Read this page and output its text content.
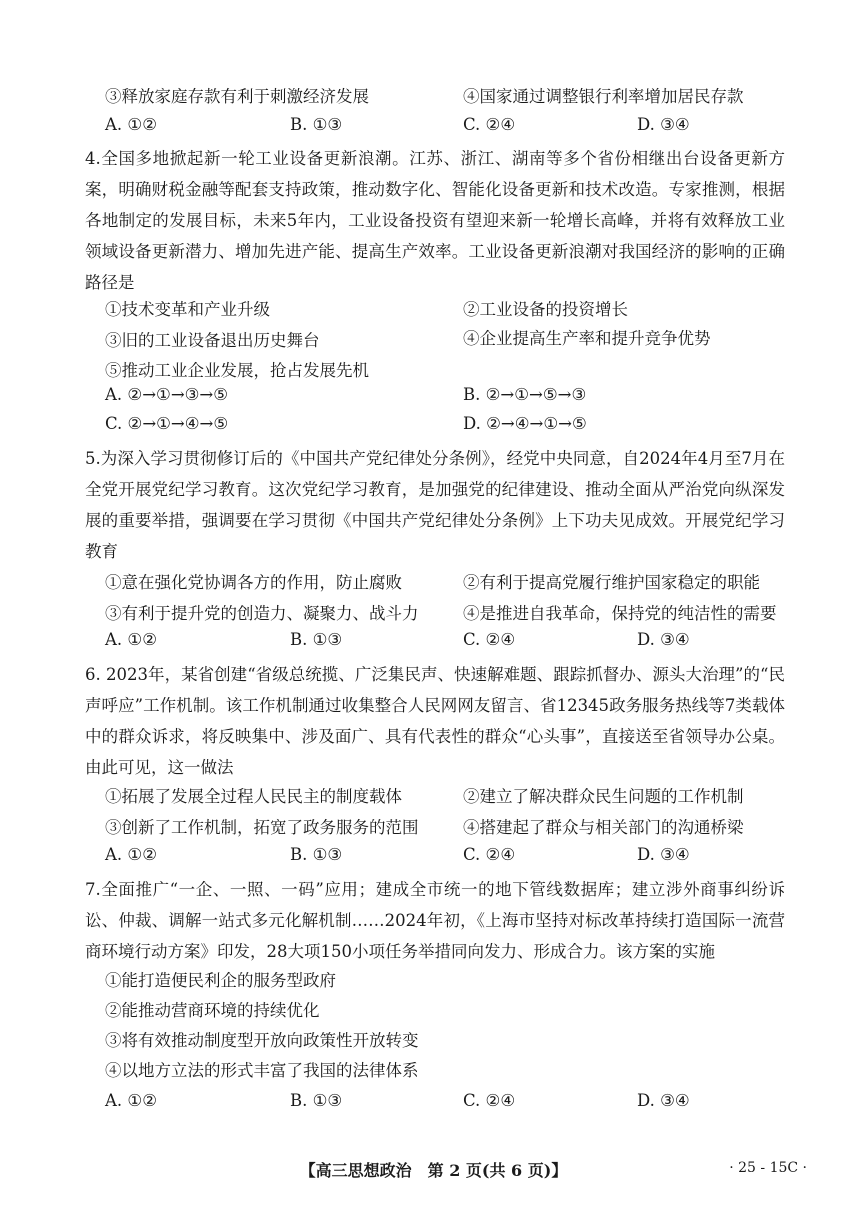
③释放家庭存款有利于刺激经济发展	④国家通过调整银行利率增加居民存款
A. ①②	B. ①③	C. ②④	D. ③④
4.全国多地掀起新一轮工业设备更新浪潮。江苏、浙江、湖南等多个省份相继出台设备更新方案，明确财税金融等配套支持政策，推动数字化、智能化设备更新和技术改造。专家推测，根据各地制定的发展目标，未来5年内，工业设备投资有望迎来新一轮增长高峰，并将有效释放工业领域设备更新潜力、增加先进产能、提高生产效率。工业设备更新浪潮对我国经济的影响的正确路径是
①技术变革和产业升级	②工业设备的投资增长
③旧的工业设备退出历史舞台	④企业提高生产率和提升竞争优势
⑤推动工业企业发展，抢占发展先机
A. ②→①→③→⑤	B. ②→①→⑤→③
C. ②→①→④→⑤	D. ②→④→①→⑤
5.为深入学习贯彻修订后的《中国共产党纪律处分条例》，经党中央同意，自2024年4月至7月在全党开展党纪学习教育。这次党纪学习教育，是加强党的纪律建设、推动全面从严治党向纵深发展的重要举措，强调要在学习贯彻《中国共产党纪律处分条例》上下功夫见成效。开展党纪学习教育
①意在强化党协调各方的作用，防止腐败	②有利于提高党履行维护国家稳定的职能
③有利于提升党的创造力、凝聚力、战斗力	④是推进自我革命，保持党的纯洁性的需要
A. ①②	B. ①③	C. ②④	D. ③④
6. 2023年，某省创建“省级总统揽、广泛集民声、快速解难题、跟踪抓督办、源头大治理”的“民声呼应”工作机制。该工作机制通过收集整合人民网网友留言、省12345政务服务热线等7类载体中的群众诉求，将反映集中、涉及面广、具有代表性的群众“心头事”，直接送至省领导办公桌。由此可见，这一做法
①拓展了发展全过程人民民主的制度载体	②建立了解决群众民生问题的工作机制
③创新了工作机制，拓宽了政务服务的范围	④搭建起了群众与相关部门的沟通桥梁
A. ①②	B. ①③	C. ②④	D. ③④
7.全面推广“一企、一照、一码”应用；建成全市统一的地下管线数据库；建立涉外商事纠纷诉讼、仲裁、调解一站式多元化解机制……2024年初，《上海市坚持对标改革持续打造国际一流营商环境行动方案》印发，28大项150小项任务举措同向发力、形成合力。该方案的实施
①能打造便民利企的服务型政府
②能推动营商环境的持续优化
③将有效推动制度型开放向政策性开放转变
④以地方立法的形式丰富了我国的法律体系
A. ①②	B. ①③	C. ②④	D. ③④
【高三思想政治　第 2 页(共 6 页)】	· 25 - 15C ·
